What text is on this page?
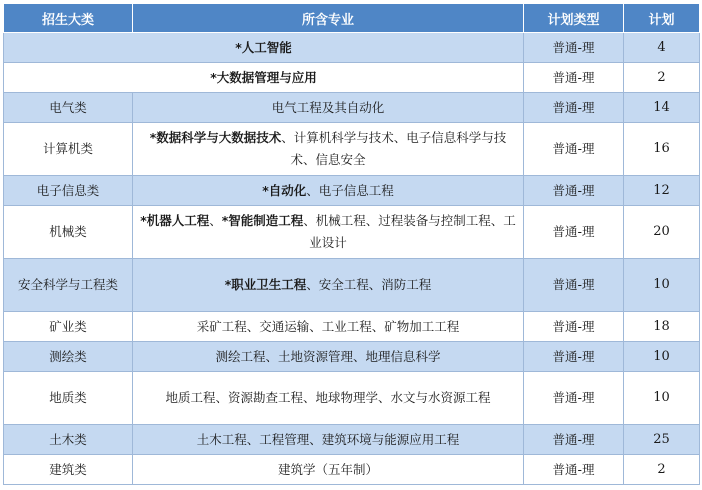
招生大类	所含专业	计划类型	计划
*人工智能		普通-理	4
*大数据管理与应用		普通-理	2
电气类	电气工程及其自动化	普通-理	14
计算机类	*数据科学与大数据技术、计算机科学与技术、电子信息科学与技术、信息安全	普通-理	16
电子信息类	*自动化、电子信息工程	普通-理	12
机械类	*机器人工程、*智能制造工程、机械工程、过程装备与控制工程、工业设计	普通-理	20
安全科学与工程类	*职业卫生工程、安全工程、消防工程	普通-理	10
矿业类	采矿工程、交通运输、工业工程、矿物加工工程	普通-理	18
测绘类	测绘工程、土地资源管理、地理信息科学	普通-理	10
地质类	地质工程、资源勘查工程、地球物理学、水文与水资源工程	普通-理	10
土木类	土木工程、工程管理、建筑环境与能源应用工程	普通-理	25
建筑类	建筑学（五年制）	普通-理	2
